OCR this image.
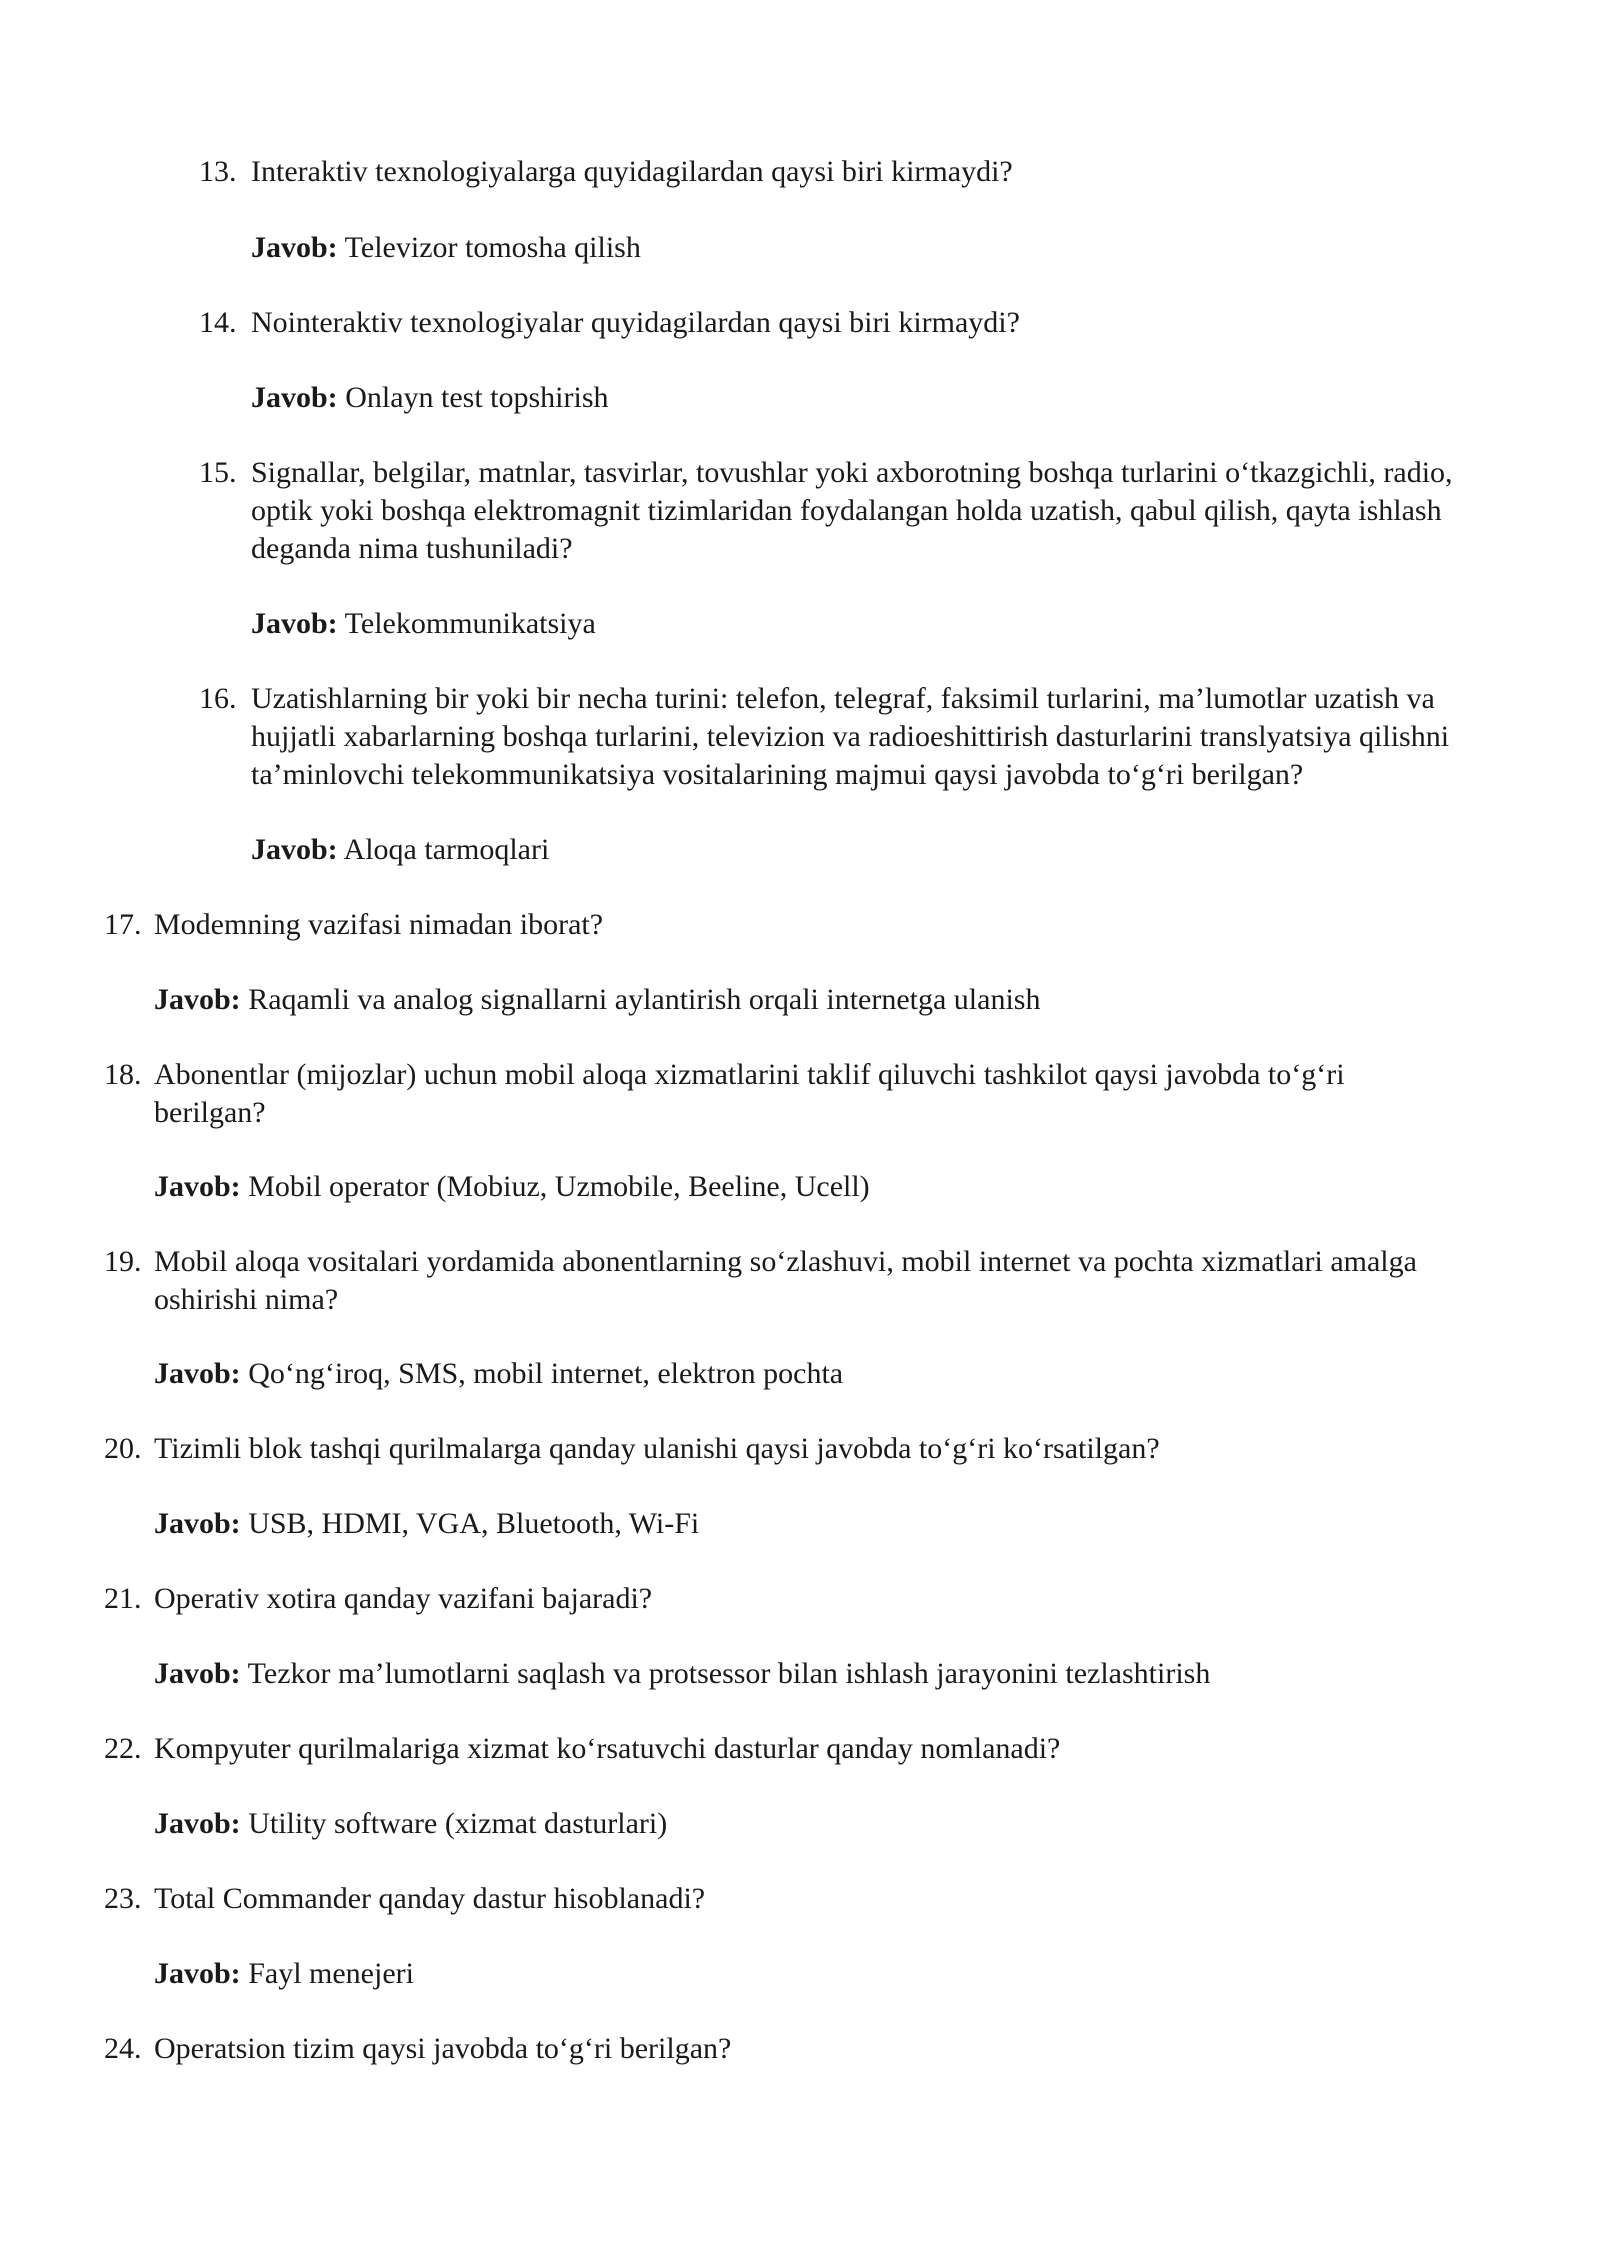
13. Interaktiv texnologiyalarga quyidagilardan qaysi biri kirmaydi?
Javob: Televizor tomosha qilish
14. Nointeraktiv texnologiyalar quyidagilardan qaysi biri kirmaydi?
Javob: Onlayn test topshirish
15. Signallar, belgilar, matnlar, tasvirlar, tovushlar yoki axborotning boshqa turlarini o‘tkazgichli, radio, optik yoki boshqa elektromagnit tizimlaridan foydalangan holda uzatish, qabul qilish, qayta ishlash deganda nima tushuniladi?
Javob: Telekommunikatsiya
16. Uzatishlarning bir yoki bir necha turini: telefon, telegraf, faksimil turlarini, ma’lumotlar uzatish va hujjatli xabarlarning boshqa turlarini, televizion va radioeshittirish dasturlarini translyatsiya qilishni ta’minlovchi telekommunikatsiya vositalarining majmui qaysi javobda to‘g‘ri berilgan?
Javob: Aloqa tarmoqlari
17. Modemning vazifasi nimadan iborat?
Javob: Raqamli va analog signallarni aylantirish orqali internetga ulanish
18. Abonentlar (mijozlar) uchun mobil aloqa xizmatlarini taklif qiluvchi tashkilot qaysi javobda to‘g‘ri berilgan?
Javob: Mobil operator (Mobiuz, Uzmobile, Beeline, Ucell)
19. Mobil aloqa vositalari yordamida abonentlarning so‘zlashuvi, mobil internet va pochta xizmatlari amalga oshirishi nima?
Javob: Qo‘ng‘iroq, SMS, mobil internet, elektron pochta
20. Tizimli blok tashqi qurilmalarga qanday ulanishi qaysi javobda to‘g‘ri ko‘rsatilgan?
Javob: USB, HDMI, VGA, Bluetooth, Wi-Fi
21. Operativ xotira qanday vazifani bajaradi?
Javob: Tezkor ma’lumotlarni saqlash va protsessor bilan ishlash jarayonini tezlashtirish
22. Kompyuter qurilmalariga xizmat ko‘rsatuvchi dasturlar qanday nomlanadi?
Javob: Utility software (xizmat dasturlari)
23. Total Commander qanday dastur hisoblanadi?
Javob: Fayl menejeri
24. Operatsion tizim qaysi javobda to‘g‘ri berilgan?
